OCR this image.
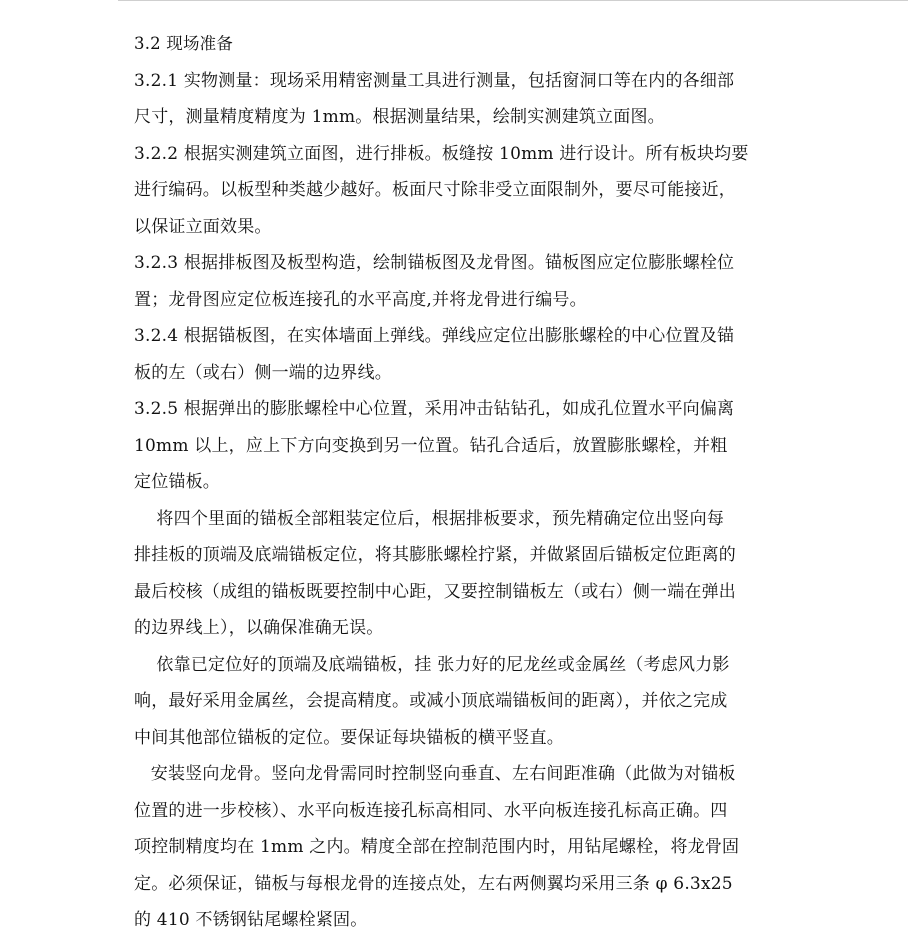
3.2 现场准备
3.2.1 实物测量：现场采用精密测量工具进行测量，包括窗洞口等在内的各细部
尺寸，测量精度精度为 1mm。根据测量结果，绘制实测建筑立面图。
3.2.2 根据实测建筑立面图，进行排板。板缝按 10mm 进行设计。所有板块均要
进行编码。以板型种类越少越好。板面尺寸除非受立面限制外，要尽可能接近，
以保证立面效果。
3.2.3 根据排板图及板型构造，绘制锚板图及龙骨图。锚板图应定位膨胀螺栓位
置；龙骨图应定位板连接孔的水平高度,并将龙骨进行编号。
3.2.4 根据锚板图，在实体墙面上弹线。弹线应定位出膨胀螺栓的中心位置及锚
板的左（或右）侧一端的边界线。
3.2.5 根据弹出的膨胀螺栓中心位置，采用冲击钻钻孔，如成孔位置水平向偏离
10mm 以上，应上下方向变换到另一位置。钻孔合适后，放置膨胀螺栓，并粗
定位锚板。
将四个里面的锚板全部粗装定位后，根据排板要求，预先精确定位出竖向每
排挂板的顶端及底端锚板定位，将其膨胀螺栓拧紧，并做紧固后锚板定位距离的
最后校核（成组的锚板既要控制中心距，又要控制锚板左（或右）侧一端在弹出
的边界线上），以确保准确无误。
依靠已定位好的顶端及底端锚板，挂 张力好的尼龙丝或金属丝（考虑风力影
响，最好采用金属丝，会提高精度。或减小顶底端锚板间的距离），并依之完成
中间其他部位锚板的定位。要保证每块锚板的横平竖直。
安装竖向龙骨。竖向龙骨需同时控制竖向垂直、左右间距准确（此做为对锚板
位置的进一步校核）、水平向板连接孔标高相同、水平向板连接孔标高正确。四
项控制精度均在 1mm 之内。精度全部在控制范围内时，用钻尾螺栓，将龙骨固
定。必须保证，锚板与每根龙骨的连接点处，左右两侧翼均采用三条 φ 6.3x25
的 410 不锈钢钻尾螺栓紧固。
